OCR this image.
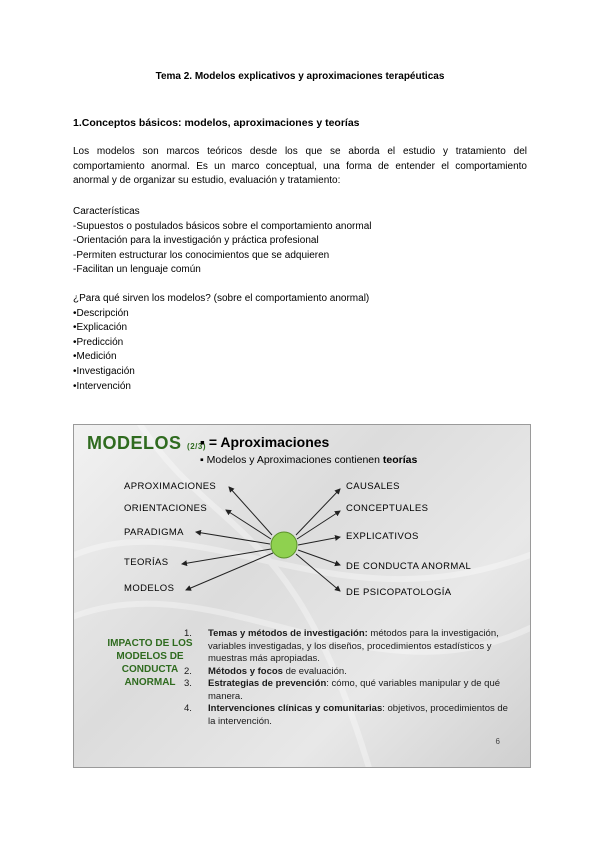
Tema 2. Modelos explicativos y aproximaciones terapéuticas
1.Conceptos básicos: modelos, aproximaciones y teorías
Los modelos son marcos teóricos desde los que se aborda el estudio y tratamiento del comportamiento anormal. Es un marco conceptual, una forma de entender el comportamiento anormal y de organizar su estudio, evaluación y tratamiento:
Características
-Supuestos o postulados básicos sobre el comportamiento anormal
-Orientación para la investigación y práctica profesional
-Permiten estructurar los conocimientos que se adquieren
-Facilitan un lenguaje común
¿Para qué sirven los modelos? (sobre el comportamiento anormal)
•Descripción
•Explicación
•Predicción
•Medición
•Investigación
•Intervención
MODELOS (2/3)
▪ = Aproximaciones
▪ Modelos y Aproximaciones contienen teorías
APROXIMACIONES
ORIENTACIONES
PARADIGMA
TEORÍAS
MODELOS
CAUSALES
CONCEPTUALES
EXPLICATIVOS
DE CONDUCTA ANORMAL
DE PSICOPATOLOGÍA
IMPACTO DE LOS MODELOS DE CONDUCTA ANORMAL
1. Temas y métodos de investigación: métodos para la investigación, variables investigadas, y los diseños, procedimientos estadísticos y muestras más apropiadas.
2. Métodos y focos de evaluación.
3. Estrategias de prevención: cómo, qué variables manipular y de qué manera.
4. Intervenciones clínicas y comunitarias: objetivos, procedimientos de la intervención.
6
